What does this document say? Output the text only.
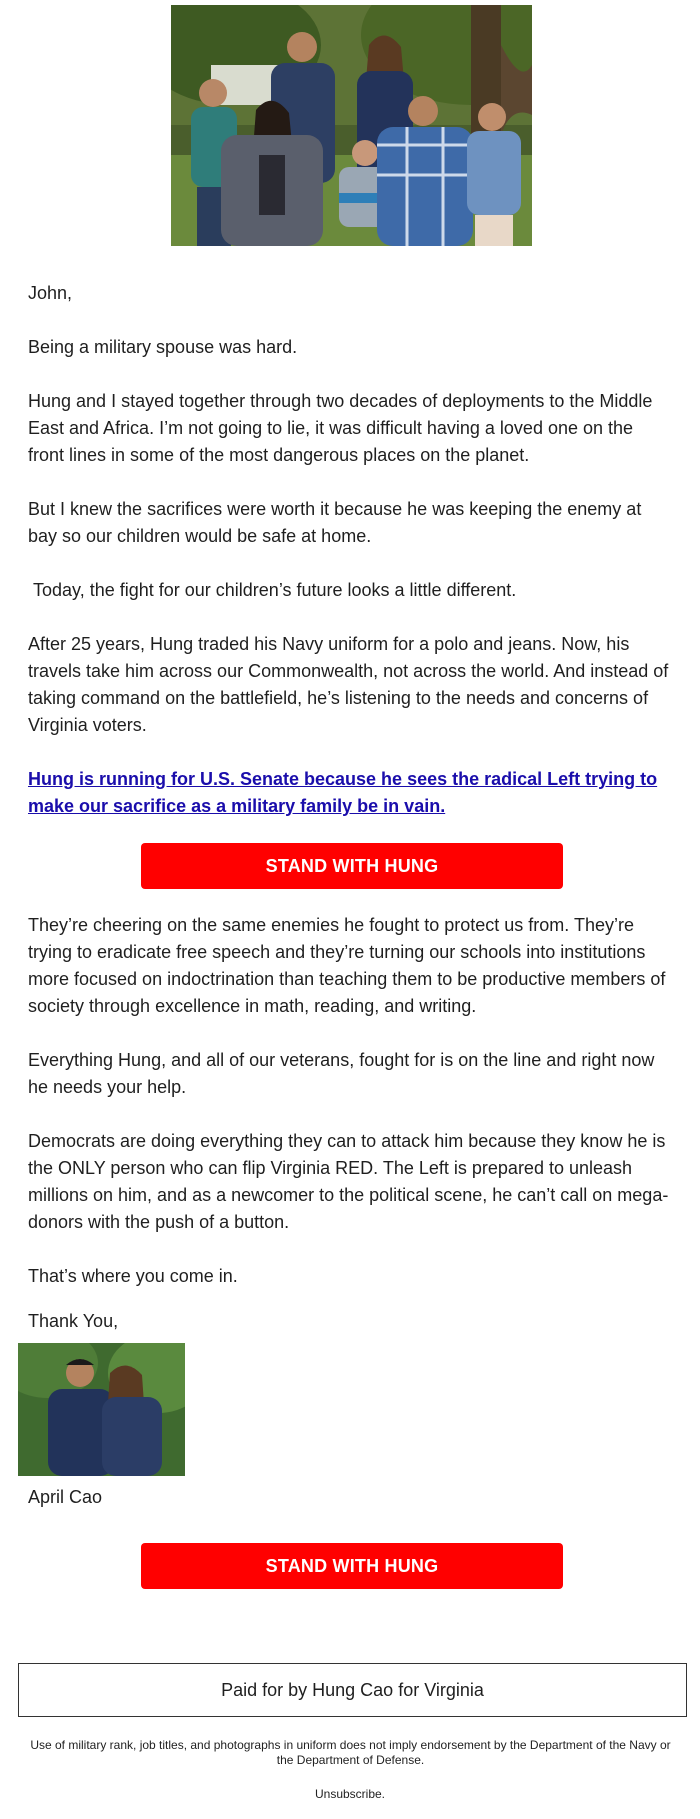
John,

Being a military spouse was hard.

Hung and I stayed together through two decades of deployments to the Middle East and Africa. I’m not going to lie, it was difficult having a loved one on the front lines in some of the most dangerous places on the planet.

But I knew the sacrifices were worth it because he was keeping the enemy at bay so our children would be safe at home.

Today, the fight for our children’s future looks a little different.

After 25 years, Hung traded his Navy uniform for a polo and jeans. Now, his travels take him across our Commonwealth, not across the world. And instead of taking command on the battlefield, he’s listening to the needs and concerns of Virginia voters.

Hung is running for U.S. Senate because he sees the radical Left trying to make our sacrifice as a military family be in vain.

STAND WITH HUNG

They’re cheering on the same enemies he fought to protect us from. They’re trying to eradicate free speech and they’re turning our schools into institutions more focused on indoctrination than teaching them to be productive members of society through excellence in math, reading, and writing.

Everything Hung, and all of our veterans, fought for is on the line and right now he needs your help.

Democrats are doing everything they can to attack him because they know he is the ONLY person who can flip Virginia RED. The Left is prepared to unleash millions on him, and as a newcomer to the political scene, he can’t call on mega-donors with the push of a button.

That’s where you come in.

Thank You,

April Cao

STAND WITH HUNG
Paid for by Hung Cao for Virginia
Use of military rank, job titles, and photographs in uniform does not imply endorsement by the Department of the Navy or the Department of Defense.
Unsubscribe.
